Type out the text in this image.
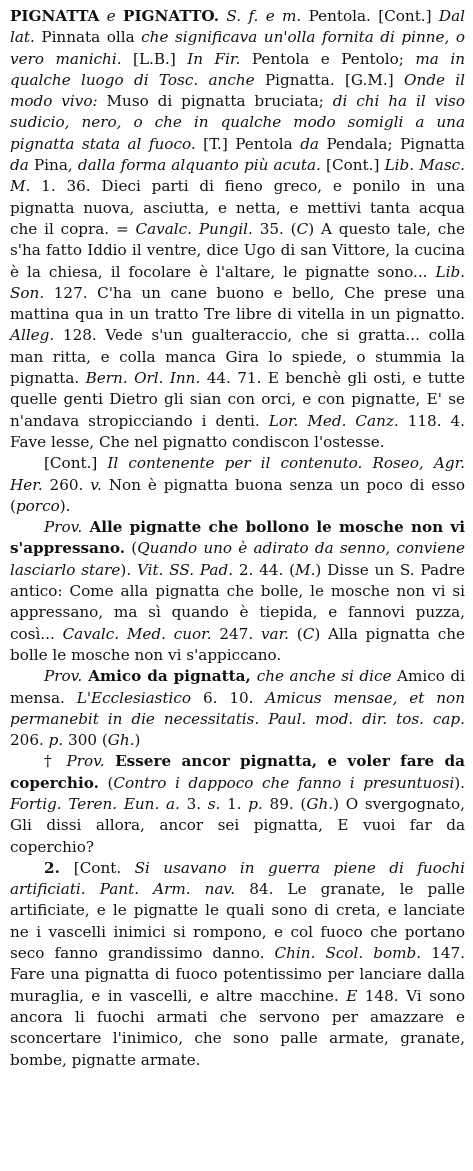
PIGNATTA e PIGNATTO. S. f. e m. Pentola. [Cont.] Dal lat. Pinnata olla che significava un'olla fornita di pinne, o vero manichi. [L.B.] In Fir. Pentola e Pentolo; ma in qualche luogo di Tosc. anche Pignatta. [G.M.] Onde il modo vivo: Muso di pignatta bruciata; di chi ha il viso sudicio, nero, o che in qualche modo somigli a una pignatta stata al fuoco. [T.] Pentola da Pendala; Pignatta da Pina, dalla forma alquanto più acuta. [Cont.] Lib. Masc. M. 1. 36. Dieci parti di fieno greco, e ponilo in una pignatta nuova, asciutta, e netta, e mettivi tanta acqua che il copra. = Cavalc. Pungil. 35. (C) A questo tale, che s'ha fatto Iddio il ventre, dice Ugo di san Vittore, la cucina è la chiesa, il focolare è l'altare, le pignatte sono... Lib. Son. 127. C'ha un cane buono e bello, Che prese una mattina qua in un tratto Tre libre di vitella in un pignatto. Alleg. 128. Vede s'un gualteraccio, che si gratta... colla man ritta, e colla manca Gira lo spiede, o stummia la pignatta. Bern. Orl. Inn. 44. 71. E benchè gli osti, e tutte quelle genti Dietro gli sian con orci, e con pignatte, E' se n'andava stropicciando i denti. Lor. Med. Canz. 118. 4. Fave lesse, Che nel pignatto condiscon l'ostesse.
[Cont.] Il contenente per il contenuto. Roseo, Agr. Her. 260. v. Non è pignatta buona senza un poco di esso (porco).
Prov. Alle pignatte che bollono le mosche non vi s'appressano. (Quando uno è adirato da senno, conviene lasciarlo stare). Vit. SS. Pad. 2. 44. (M.) Disse un S. Padre antico: Come alla pignatta che bolle, le mosche non vi si appressano, ma sì quando è tiepida, e fannovi puzza, così... Cavalc. Med. cuor. 247. var. (C) Alla pignatta che bolle le mosche non vi s'appiccano.
Prov. Amico da pignatta, che anche si dice Amico di mensa. L'Ecclesiastico 6. 10. Amicus mensae, et non permanebit in die necessitatis. Paul. mod. dir. tos. cap. 206. p. 300 (Gh.)
† Prov. Essere ancor pignatta, e voler fare da coperchio. (Contro i dappoco che fanno i presuntuosi). Fortig. Teren. Eun. a. 3. s. 1. p. 89. (Gh.) O svergognato, Gli dissi allora, ancor sei pignatta, E vuoi far da coperchio?
2. [Cont. Si usavano in guerra piene di fuochi artificiati. Pant. Arm. nav. 84. Le granate, le palle artificiate, e le pignatte le quali sono di creta, e lanciate ne i vascelli inimici si rompono, e col fuoco che portano seco fanno grandissimo danno. Chin. Scol. bomb. 147. Fare una pignatta di fuoco potentissimo per lanciare dalla muraglia, e in vascelli, e altre macchine. E 148. Vi sono ancora li fuochi armati che servono per amazzare e sconcertare l'inimico, che sono palle armate, granate, bombe, pignatte armate.
